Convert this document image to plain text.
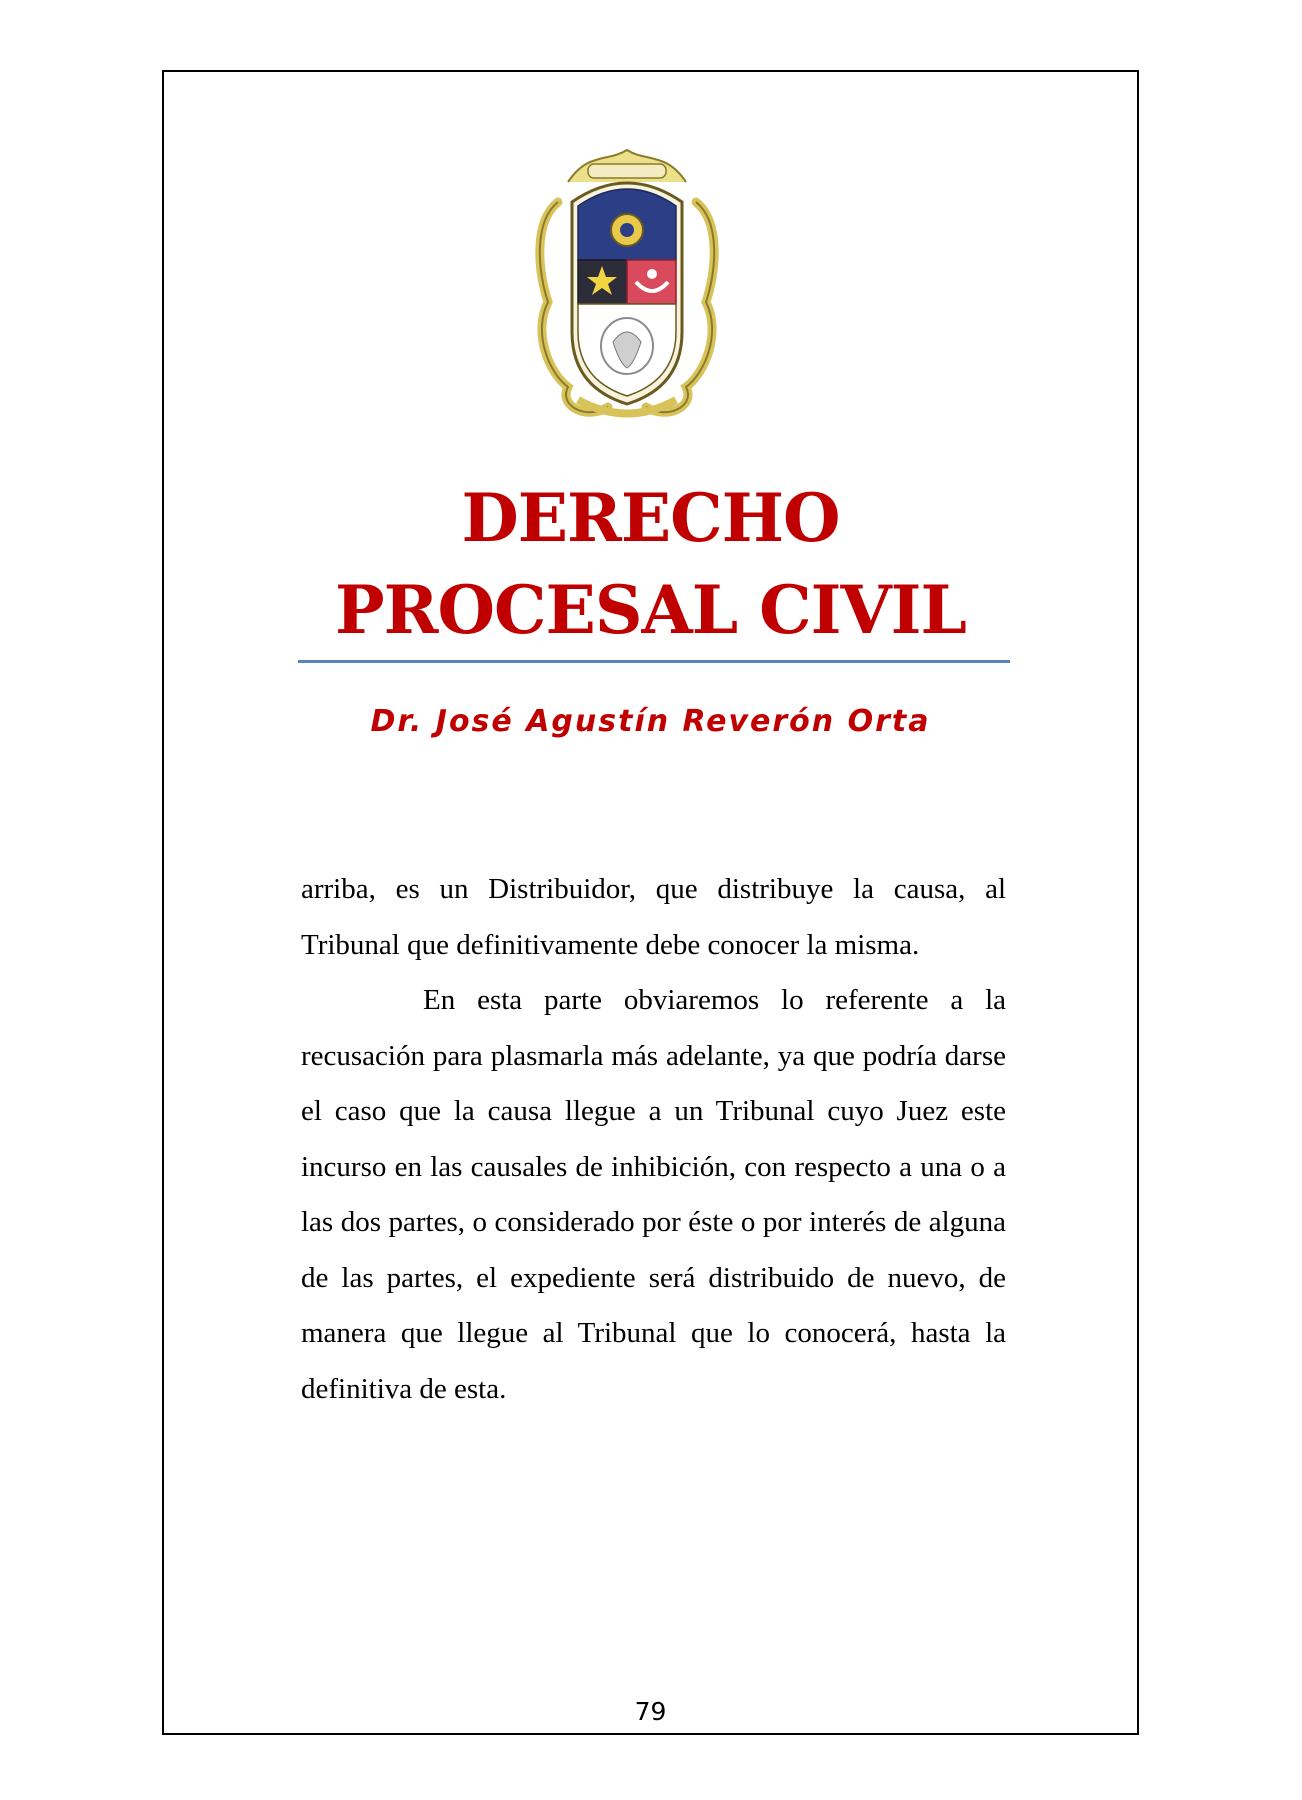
DERECHO
PROCESAL CIVIL

Dr. José Agustín Reverón Orta

arriba, es un Distribuidor, que distribuye la causa, al Tribunal que definitivamente debe conocer la misma.

En esta parte obviaremos lo referente a la recusación para plasmarla más adelante, ya que podría darse el caso que la causa llegue a un Tribunal cuyo Juez este incurso en las causales de inhibición, con respecto a una o a las dos partes, o considerado por éste o por interés de alguna de las partes, el expediente será distribuido de nuevo, de manera que llegue al Tribunal que lo conocerá, hasta la definitiva de esta.

79
